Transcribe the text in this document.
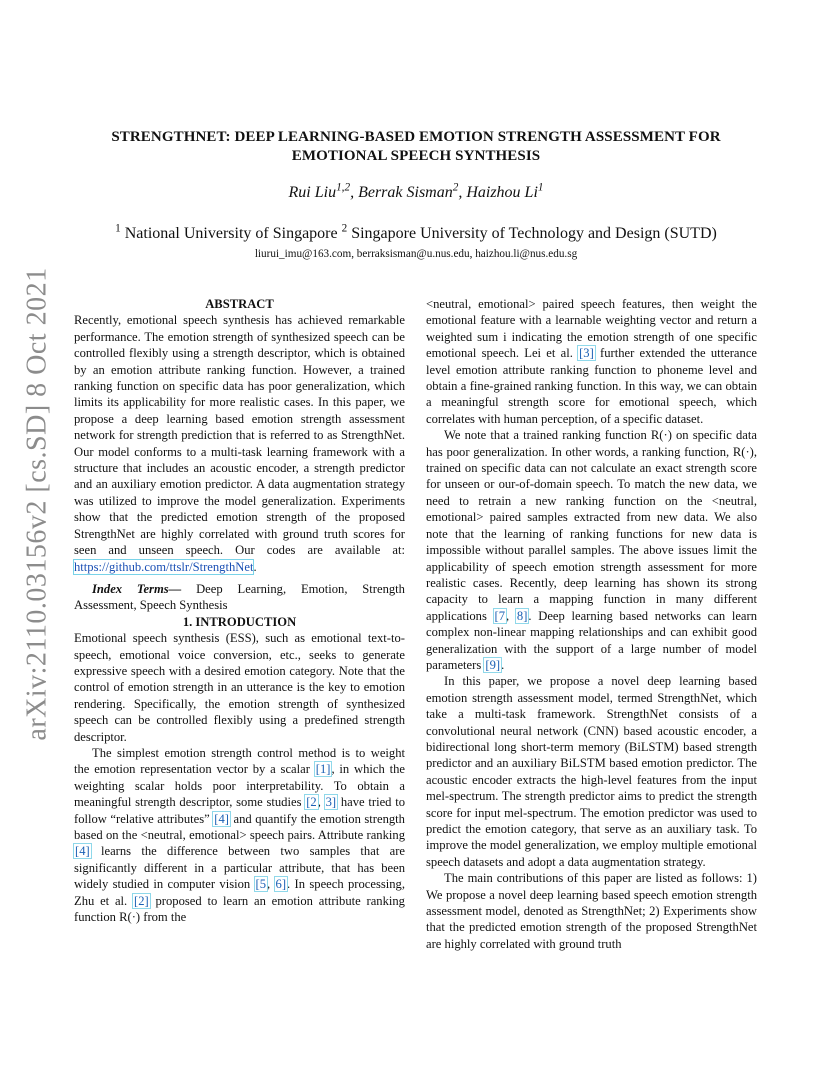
arXiv:2110.03156v2 [cs.SD] 8 Oct 2021
STRENGTHNET: DEEP LEARNING-BASED EMOTION STRENGTH ASSESSMENT FOR
EMOTIONAL SPEECH SYNTHESIS
Rui Liu$^{1,2}$, Berrak Sisman$^2$, Haizhou Li$^1$
$^1$ National University of Singapore $^2$ Singapore University of Technology and Design (SUTD)
liurui_imu@163.com, berraksisman@u.nus.edu, haizhou.li@nus.edu.sg

ABSTRACT

Recently, emotional speech synthesis has achieved remarkable performance. The emotion strength of synthesized speech can be controlled flexibly using a strength descriptor, which is obtained by an emotion attribute ranking function. However, a trained ranking function on specific data has poor generalization, which limits its applicability for more realistic cases. In this paper, we propose a deep learning based emotion strength assessment network for strength prediction that is referred to as StrengthNet. Our model conforms to a multi-task learning framework with a structure that includes an acoustic encoder, a strength predictor and an auxiliary emotion predictor. A data augmentation strategy was utilized to improve the model generalization. Experiments show that the predicted emotion strength of the proposed StrengthNet are highly correlated with ground truth scores for seen and unseen speech. Our codes are available at: https://github.com/ttslr/StrengthNet.

Index Terms— Deep Learning, Emotion, Strength Assessment, Speech Synthesis

1. INTRODUCTION

Emotional speech synthesis (ESS), such as emotional text-to-speech, emotional voice conversion, etc., seeks to generate expressive speech with a desired emotion category. Note that the control of emotion strength in an utterance is the key to emotion rendering. Specifically, the emotion strength of synthesized speech can be controlled flexibly using a predefined strength descriptor.

The simplest emotion strength control method is to weight the emotion representation vector by a scalar [1], in which the weighting scalar holds poor interpretability. To obtain a meaningful strength descriptor, some studies [2, 3] have tried to follow “relative attributes” [4] and quantify the emotion strength based on the <neutral, emotional> speech pairs. Attribute ranking [4] learns the difference between two samples that are significantly different in a particular attribute, that has been widely studied in computer vision [5, 6]. In speech processing, Zhu et al. [2] proposed to learn an emotion attribute ranking function R(·) from the

<neutral, emotional> paired speech features, then weight the emotional feature with a learnable weighting vector and return a weighted sum i indicating the emotion strength of one specific emotional speech. Lei et al. [3] further extended the utterance level emotion attribute ranking function to phoneme level and obtain a fine-grained ranking function. In this way, we can obtain a meaningful strength score for emotional speech, which correlates with human perception, of a specific dataset.

We note that a trained ranking function R(·) on specific data has poor generalization. In other words, a ranking function, R(·), trained on specific data can not calculate an exact strength score for unseen or our-of-domain speech. To match the new data, we need to retrain a new ranking function on the <neutral, emotional> paired samples extracted from new data. We also note that the learning of ranking functions for new data is impossible without parallel samples. The above issues limit the applicability of speech emotion strength assessment for more realistic cases. Recently, deep learning has shown its strong capacity to learn a mapping function in many different applications [7, 8]. Deep learning based networks can learn complex non-linear mapping relationships and can exhibit good generalization with the support of a large number of model parameters [9].

In this paper, we propose a novel deep learning based emotion strength assessment model, termed StrengthNet, which take a multi-task framework. StrengthNet consists of a convolutional neural network (CNN) based acoustic encoder, a bidirectional long short-term memory (BiLSTM) based strength predictor and an auxiliary BiLSTM based emotion predictor. The acoustic encoder extracts the high-level features from the input mel-spectrum. The strength predictor aims to predict the strength score for input mel-spectrum. The emotion predictor was used to predict the emotion category, that serve as an auxiliary task. To improve the model generalization, we employ multiple emotional speech datasets and adopt a data augmentation strategy.

The main contributions of this paper are listed as follows: 1) We propose a novel deep learning based speech emotion strength assessment model, denoted as StrengthNet; 2) Experiments show that the predicted emotion strength of the proposed StrengthNet are highly correlated with ground truth
